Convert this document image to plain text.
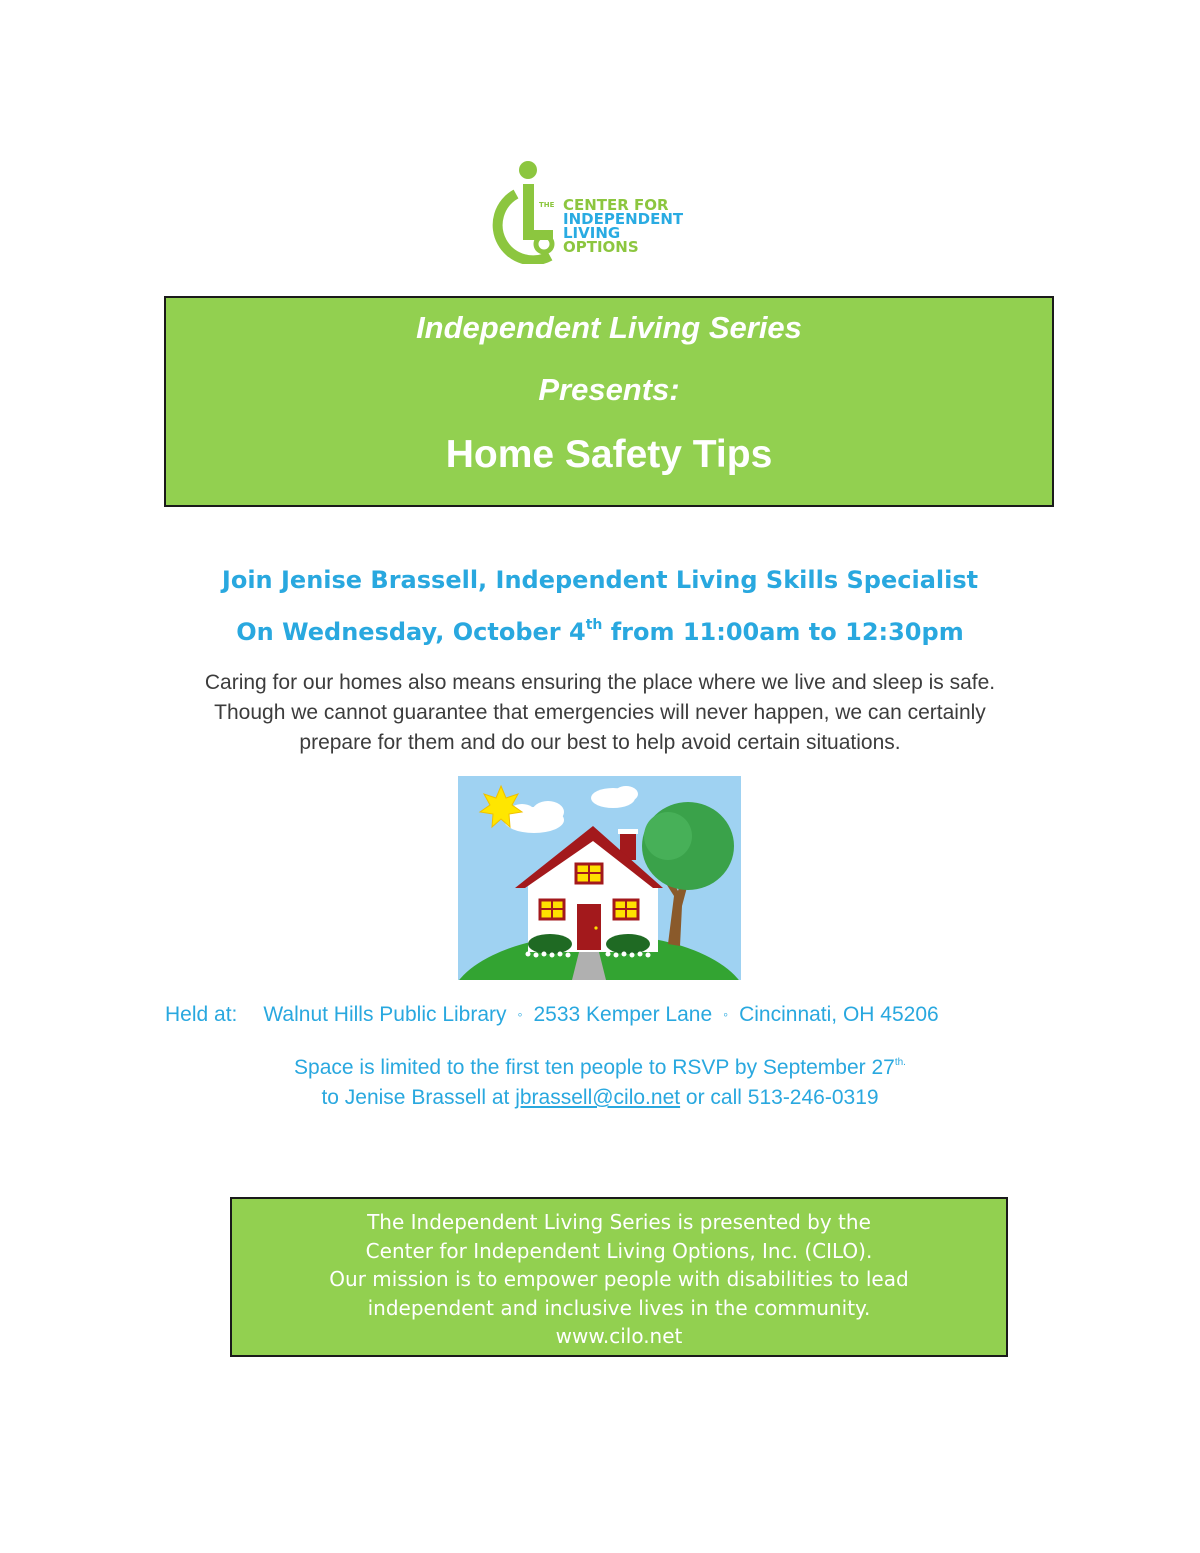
THE CENTER FOR
INDEPENDENT
LIVING
OPTIONS
Independent Living Series
Presents:
Home Safety Tips
Join Jenise Brassell, Independent Living Skills Specialist
On Wednesday, October 4th from 11:00am to 12:30pm
Caring for our homes also means ensuring the place where we live and sleep is safe.
Though we cannot guarantee that emergencies will never happen, we can certainly
prepare for them and do our best to help avoid certain situations.
Held at: Walnut Hills Public Library ◦ 2533 Kemper Lane ◦ Cincinnati, OH 45206
Space is limited to the first ten people to RSVP by September $27^{th.}$
to Jenise Brassell at jbrassell@cilo.net or call 513-246-0319
The Independent Living Series is presented by the
Center for Independent Living Options, Inc. (CILO).
Our mission is to empower people with disabilities to lead
independent and inclusive lives in the community.
www.cilo.net
